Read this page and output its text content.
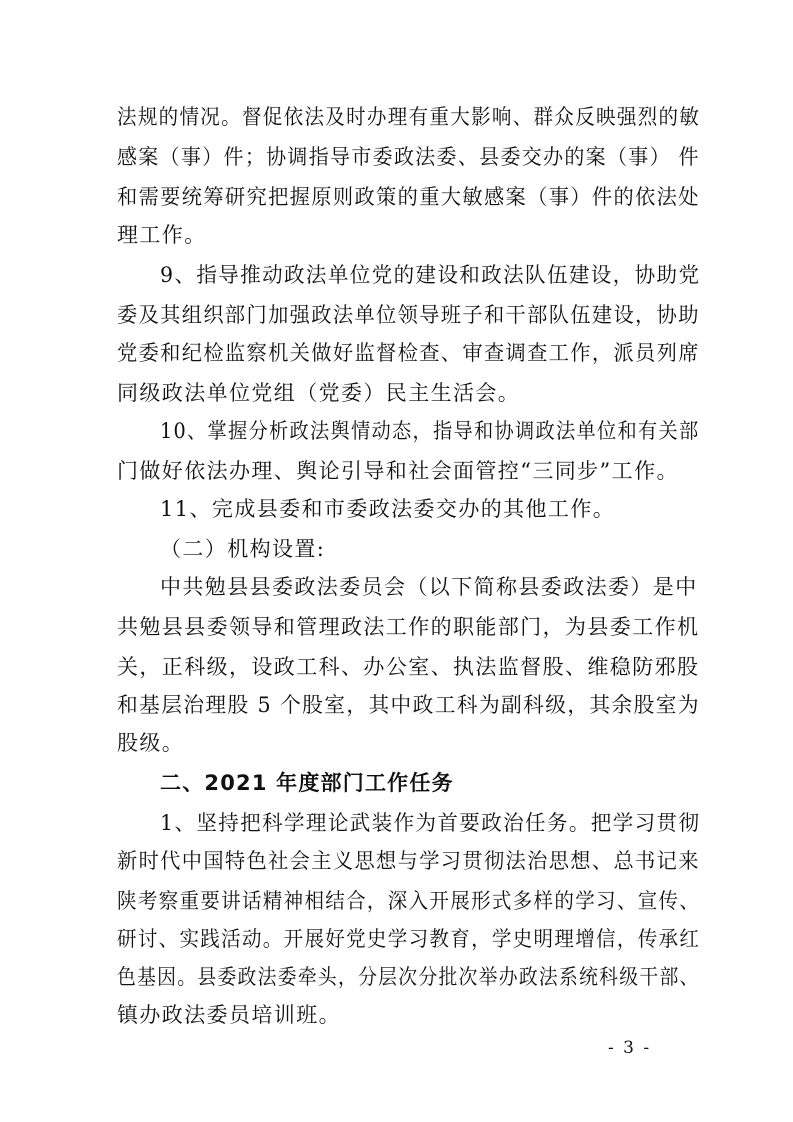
法规的情况。督促依法及时办理有重大影响、群众反映强烈的敏
感案（事）件；协调指导市委政法委、县委交办的案（事） 件
和需要统筹研究把握原则政策的重大敏感案（事）件的依法处
理工作。
9、指导推动政法单位党的建设和政法队伍建设，协助党
委及其组织部门加强政法单位领导班子和干部队伍建设，协助
党委和纪检监察机关做好监督检查、审查调查工作，派员列席
同级政法单位党组（党委）民主生活会。
10、掌握分析政法舆情动态，指导和协调政法单位和有关部
门做好依法办理、舆论引导和社会面管控“三同步”工作。
11、完成县委和市委政法委交办的其他工作。
（二）机构设置:
中共勉县县委政法委员会（以下简称县委政法委）是中
共勉县县委领导和管理政法工作的职能部门，为县委工作机
关，正科级，设政工科、办公室、执法监督股、维稳防邪股
和基层治理股 5 个股室，其中政工科为副科级，其余股室为
股级。
二、2021 年度部门工作任务
1、坚持把科学理论武装作为首要政治任务。把学习贯彻
新时代中国特色社会主义思想与学习贯彻法治思想、总书记来
陕考察重要讲话精神相结合，深入开展形式多样的学习、宣传、
研讨、实践活动。开展好党史学习教育，学史明理增信，传承红
色基因。县委政法委牵头，分层次分批次举办政法系统科级干部、
镇办政法委员培训班。
- 3 -
